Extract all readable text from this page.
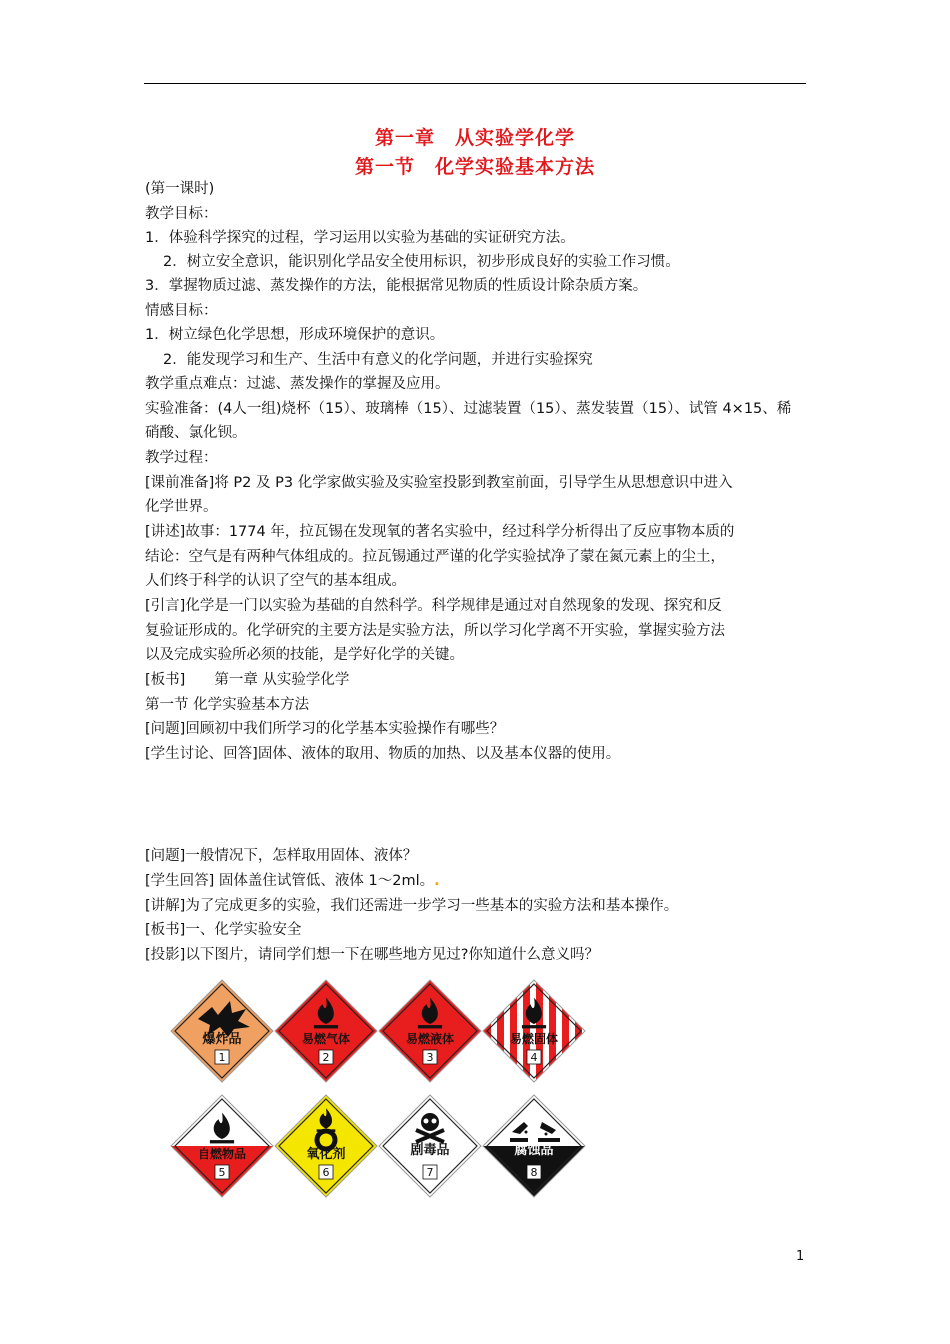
第一章　从实验学化学
第一节　化学实验基本方法
(第一课时)
教学目标：
1．体验科学探究的过程，学习运用以实验为基础的实证研究方法。
2．树立安全意识，能识别化学品安全使用标识，初步形成良好的实验工作习惯。
3．掌握物质过滤、蒸发操作的方法，能根据常见物质的性质设计除杂质方案。
情感目标：
1．树立绿色化学思想，形成环境保护的意识。
2．能发现学习和生产、生活中有意义的化学问题，并进行实验探究
教学重点难点：过滤、蒸发操作的掌握及应用。
实验准备：(4人一组)烧杯（15）、玻璃棒（15）、过滤装置（15）、蒸发装置（15）、试管 4×15、稀
硝酸、氯化钡。
教学过程：
[课前准备]将 P2 及 P3 化学家做实验及实验室投影到教室前面，引导学生从思想意识中进入
化学世界。
[讲述]故事：1774 年，拉瓦锡在发现氧的著名实验中，经过科学分析得出了反应事物本质的
结论：空气是有两种气体组成的。拉瓦锡通过严谨的化学实验拭净了蒙在氮元素上的尘土，
人们终于科学的认识了空气的基本组成。
[引言]化学是一门以实验为基础的自然科学。科学规律是通过对自然现象的发现、探究和反
复验证形成的。化学研究的主要方法是实验方法，所以学习化学离不开实验，掌握实验方法
以及完成实验所必须的技能，是学好化学的关键。
[板书]　　第一章 从实验学化学
第一节 化学实验基本方法
[问题]回顾初中我们所学习的化学基本实验操作有哪些？
[学生讨论、回答]固体、液体的取用、物质的加热、以及基本仪器的使用。
[问题]一般情况下，怎样取用固体、液体？
[学生回答] 固体盖住试管低、液体 1～2ml。.
[讲解]为了完成更多的实验，我们还需进一步学习一些基本的实验方法和基本操作。
[板书]一、化学实验安全
[投影]以下图片，请同学们想一下在哪些地方见过?你知道什么意义吗？
爆炸品
1
易燃气体
2
易燃液体
3
易燃固体
4
自燃物品
5
氧化剂
6
剧毒品
7
腐蚀品
8
1
